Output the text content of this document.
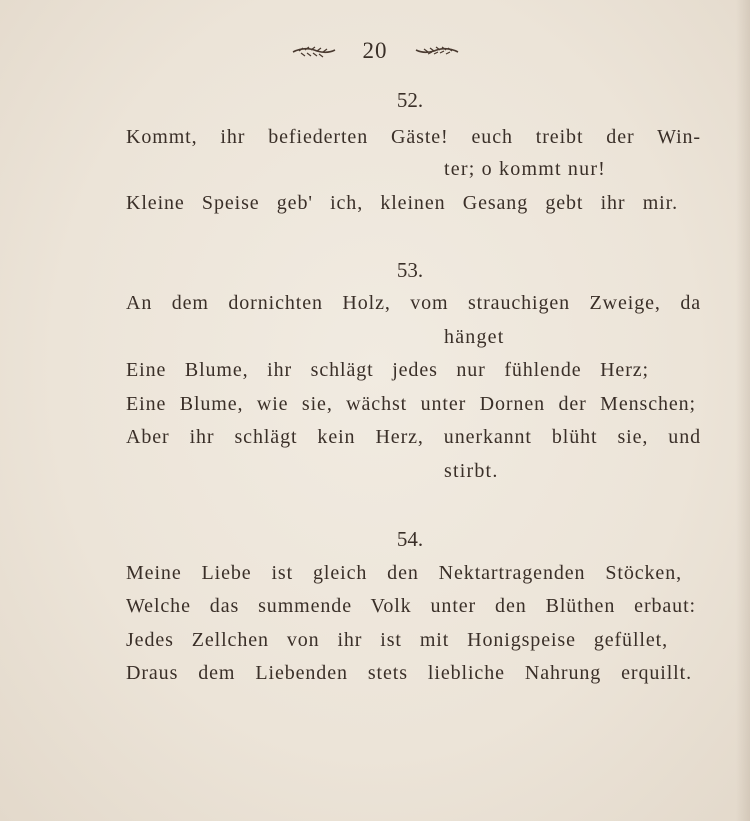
20
52.
Kommt, ihr befiederten Gäste! euch treibt der Win-
ter; o kommt nur!
Kleine Speise geb' ich, kleinen Gesang gebt ihr mir.
53.
An dem dornichten Holz, vom strauchigen Zweige, da
hänget
Eine Blume, ihr schlägt jedes nur fühlende Herz;
Eine Blume, wie sie, wächst unter Dornen der Menschen;
Aber ihr schlägt kein Herz, unerkannt blüht sie, und
stirbt.
54.
Meine Liebe ist gleich den Nektartragenden Stöcken,
Welche das summende Volk unter den Blüthen erbaut:
Jedes Zellchen von ihr ist mit Honigspeise gefüllet,
Draus dem Liebenden stets liebliche Nahrung erquillt.
